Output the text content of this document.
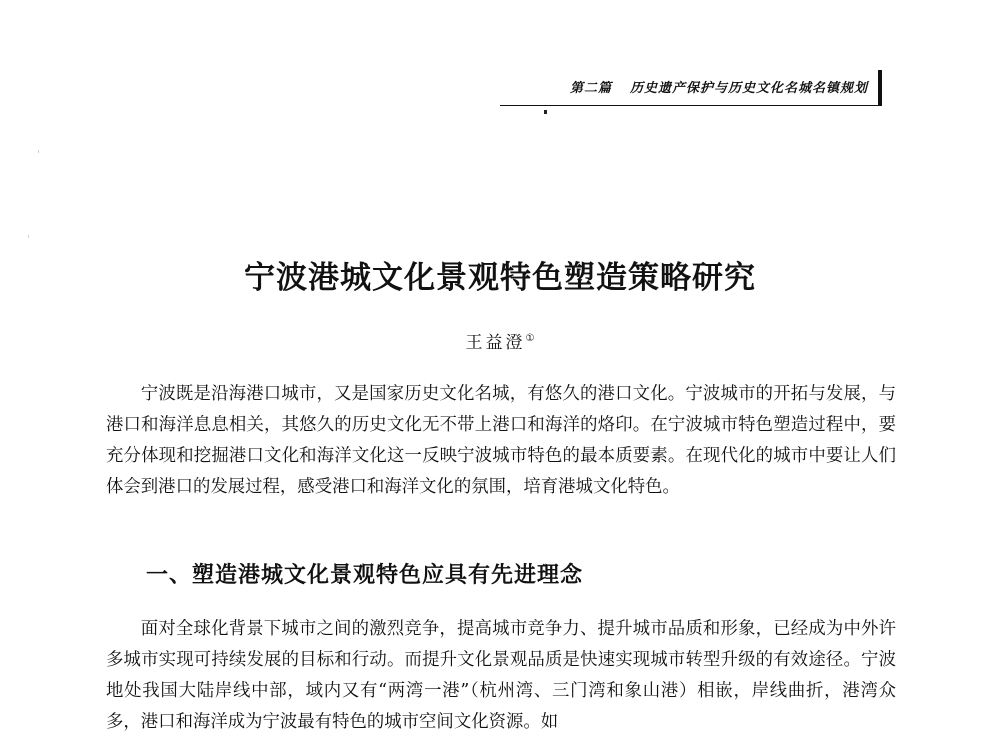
第二篇 历史遗产保护与历史文化名城名镇规划
宁波港城文化景观特色塑造策略研究
王益澄①

宁波既是沿海港口城市，又是国家历史文化名城，有悠久的港口文化。宁波城市的开拓与发展，与港口和海洋息息相关，其悠久的历史文化无不带上港口和海洋的烙印。在宁波城市特色塑造过程中，要充分体现和挖掘港口文化和海洋文化这一反映宁波城市特色的最本质要素。在现代化的城市中要让人们体会到港口的发展过程，感受港口和海洋文化的氛围，培育港城文化特色。

一、塑造港城文化景观特色应具有先进理念

面对全球化背景下城市之间的激烈竞争，提高城市竞争力、提升城市品质和形象，已经成为中外许多城市实现可持续发展的目标和行动。而提升文化景观品质是快速实现城市转型升级的有效途径。宁波地处我国大陆岸线中部，域内又有“两湾一港”（杭州湾、三门湾和象山港）相嵌，岸线曲折，港湾众多，港口和海洋成为宁波最有特色的城市空间文化资源。如
